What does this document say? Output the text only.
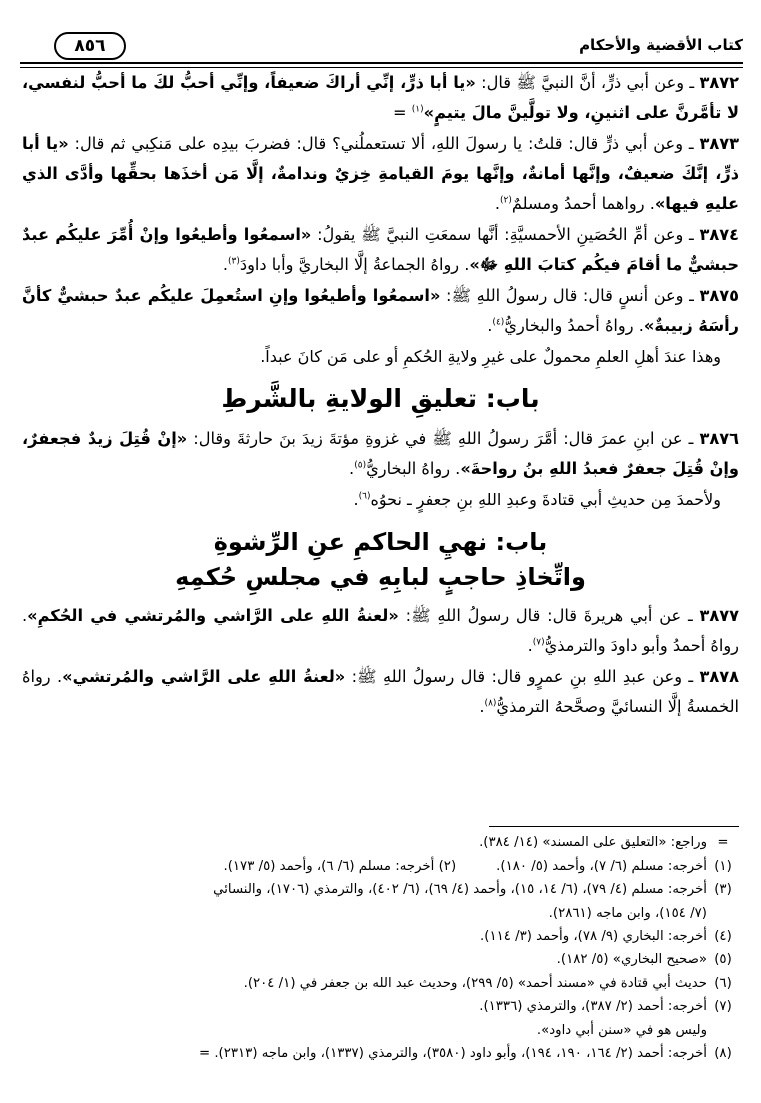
كتاب الأقضية والأحكام
٨٥٦

٣٨٧٢ ـ وعن أبي ذرٍّ، أنَّ النبيَّ ﷺ قال: «يا أبا ذرٍّ، إنِّي أراكَ ضعيفاً، وإنِّي أحبُّ لكَ ما أحبُّ لنفسي، لا تأمَّرنَّ على اثنينِ، ولا تولَّينَّ مالَ يتيمٍ»$^{(١)}$ =

٣٨٧٣ ـ وعن أبي ذرٍّ قال: قلتُ: يا رسولَ اللهِ، ألا تستعملُني؟ قال: فضربَ بيدِه على مَنكِبي ثم قال: «يا أبا ذرٍّ، إنَّكَ ضعيفٌ، وإنَّها أمانةٌ، وإنَّها يومَ القيامةِ خِزيٌ وندامةٌ، إلَّا مَن أخذَها بحقِّها وأدَّى الذي عليهِ فيها». رواهما أحمدُ ومسلمٌ$^{(٢)}$.

٣٨٧٤ ـ وعن أمِّ الحُصَينِ الأحمسيَّةِ: أنَّها سمعَتِ النبيَّ ﷺ يقولُ: «اسمعُوا وأطيعُوا وإنْ أُمِّرَ عليكُم عبدٌ حبشيٌّ ما أقامَ فيكُم كتابَ اللهِ ﷻ». رواهُ الجماعةُ إلَّا البخاريَّ وأبا داودَ$^{(٣)}$.

٣٨٧٥ ـ وعن أنسٍ قال: قال رسولُ اللهِ ﷺ: «اسمعُوا وأطيعُوا وإنِ استُعمِلَ عليكُم عبدٌ حبشيٌّ كأنَّ رأسَهُ زبيبةٌ». رواهُ أحمدُ والبخاريُّ$^{(٤)}$.

وهذا عندَ أهلِ العلمِ محمولٌ على غيرِ ولايةِ الحُكمِ أو على مَن كانَ عبداً.

باب: تعليقِ الولايةِ بالشَّرطِ

٣٨٧٦ ـ عن ابنِ عمرَ قال: أمَّرَ رسولُ اللهِ ﷺ في غزوةِ مؤتةَ زيدَ بنَ حارثةَ وقال: «إنْ قُتِلَ زيدٌ فجعفرٌ، وإنْ قُتِلَ جعفرٌ فعبدُ اللهِ بنُ رواحةَ». رواهُ البخاريُّ$^{(٥)}$.

ولأحمدَ مِن حديثِ أبي قتادةَ وعبدِ اللهِ بنِ جعفرٍ ـ نحوُه$^{(٦)}$.

باب: نهيِ الحاكمِ عنِ الرِّشوةِ
واتِّخاذِ حاجبٍ لبابِهِ في مجلسِ حُكمِهِ

٣٨٧٧ ـ عن أبي هريرةَ قال: قال رسولُ اللهِ ﷺ: «لعنةُ اللهِ على الرَّاشي والمُرتشي في الحُكمِ». رواهُ أحمدُ وأبو داودَ والترمذيُّ$^{(٧)}$.

٣٨٧٨ ـ وعن عبدِ اللهِ بنِ عمرٍو قال: قال رسولُ اللهِ ﷺ: «لعنةُ اللهِ على الرَّاشي والمُرتشي». رواهُ الخمسةُ إلَّا النسائيَّ وصحَّحهُ الترمذيُّ$^{(٨)}$.

=
وراجع: «التعليق على المسند» (١٤/ ٣٨٤).
(١)
أخرجه: مسلم (٦/ ٧)، وأحمد (٥/ ١٨٠).(٢) أخرجه: مسلم (٦/ ٦)، وأحمد (٥/ ١٧٣).
(٣)
أخرجه: مسلم (٤/ ٧٩)، (٦/ ١٤، ١٥)، وأحمد (٤/ ٦٩)، (٦/ ٤٠٢)، والترمذي (١٧٠٦)، والنسائي
(٧/ ١٥٤)، وابن ماجه (٢٨٦١).
(٤)
أخرجه: البخاري (٩/ ٧٨)، وأحمد (٣/ ١١٤).
(٥)
«صحيح البخاري» (٥/ ١٨٢).
(٦)
حديث أبي قتادة في «مسند أحمد» (٥/ ٢٩٩)، وحديث عبد الله بن جعفر في (١/ ٢٠٤).
(٧)
أخرجه: أحمد (٢/ ٣٨٧)، والترمذي (١٣٣٦).
وليس هو في «سنن أبي داود».
(٨)
أخرجه: أحمد (٢/ ١٦٤، ١٩٠، ١٩٤)، وأبو داود (٣٥٨٠)، والترمذي (١٣٣٧)، وابن ماجه (٢٣١٣). =
